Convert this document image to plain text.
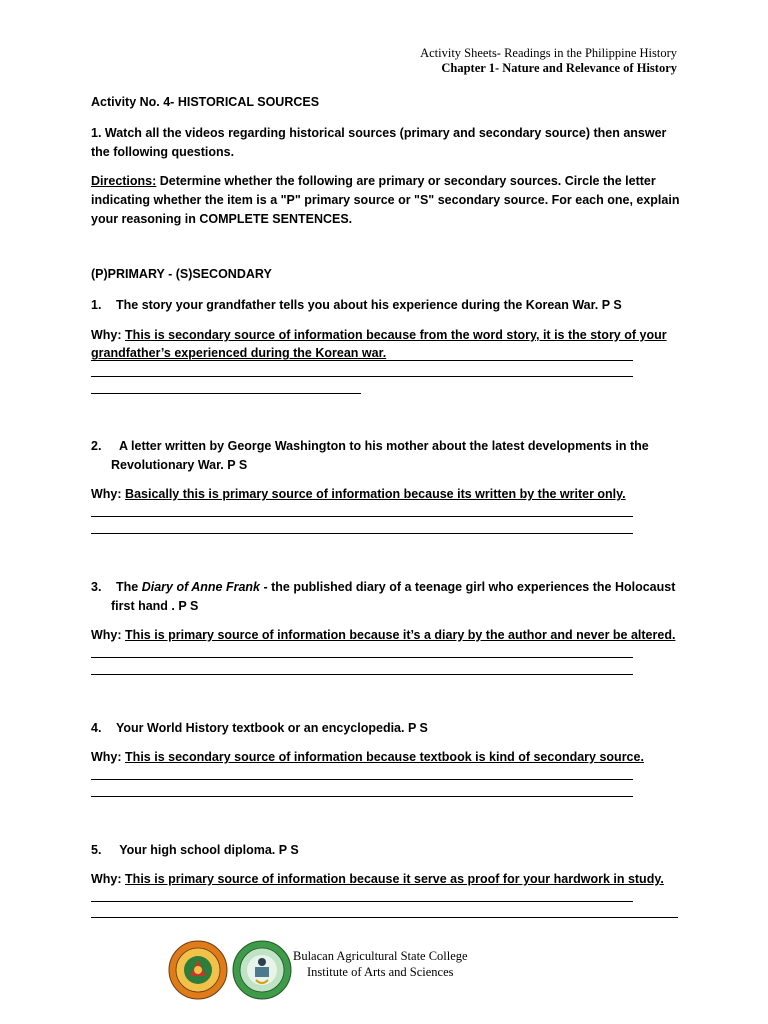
Activity Sheets- Readings in the Philippine History
Chapter 1- Nature and Relevance of History
Activity No. 4- HISTORICAL SOURCES
1. Watch all the videos regarding historical sources (primary and secondary source) then answer the following questions.
Directions: Determine whether the following are primary or secondary sources. Circle the letter indicating whether the item is a "P" primary source or "S" secondary source. For each one, explain your reasoning in COMPLETE SENTENCES.
(P)PRIMARY - (S)SECONDARY
1. The story your grandfather tells you about his experience during the Korean War. P S
Why: This is secondary source of information because from the word story, it is the story of your
grandfather’s experienced during the Korean war.
2. A letter written by George Washington to his mother about the latest developments in the
Revolutionary War. P S
Why: Basically this is primary source of information because its written by the writer only.
3. The Diary of Anne Frank - the published diary of a teenage girl who experiences the Holocaust
first hand . P S
Why: This is primary source of information because it’s a diary by the author and never be altered.
4. Your World History textbook or an encyclopedia. P S
Why: This is secondary source of information because textbook is kind of secondary source.
5. Your high school diploma. P S
Why: This is primary source of information because it serve as proof for your hardwork in study.
Bulacan Agricultural State College
Institute of Arts and Sciences
